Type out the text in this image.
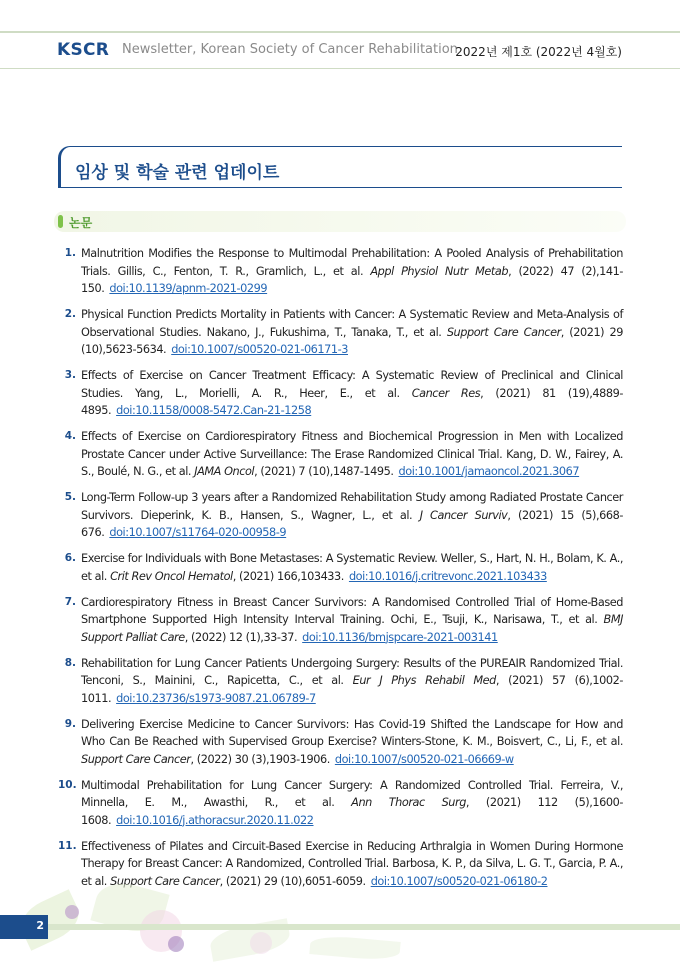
KSCR Newsletter, Korean Society of Cancer Rehabilitation
2022년 제1호 (2022년 4월호)
임상 및 학술 관련 업데이트
논문
1. Malnutrition Modifies the Response to Multimodal Prehabilitation: A Pooled Analysis of Prehabilitation Trials. Gillis, C., Fenton, T. R., Gramlich, L., et al. Appl Physiol Nutr Metab, (2022) 47 (2),141-150. doi:10.1139/apnm-2021-0299
2. Physical Function Predicts Mortality in Patients with Cancer: A Systematic Review and Meta-Analysis of Observational Studies. Nakano, J., Fukushima, T., Tanaka, T., et al. Support Care Cancer, (2021) 29 (10),5623-5634. doi:10.1007/s00520-021-06171-3
3. Effects of Exercise on Cancer Treatment Efficacy: A Systematic Review of Preclinical and Clinical Studies. Yang, L., Morielli, A. R., Heer, E., et al. Cancer Res, (2021) 81 (19),4889-4895. doi:10.1158/0008-5472.Can-21-1258
4. Effects of Exercise on Cardiorespiratory Fitness and Biochemical Progression in Men with Localized Prostate Cancer under Active Surveillance: The Erase Randomized Clinical Trial. Kang, D. W., Fairey, A. S., Boulé, N. G., et al. JAMA Oncol, (2021) 7 (10),1487-1495. doi:10.1001/jamaoncol.2021.3067
5. Long-Term Follow-up 3 years after a Randomized Rehabilitation Study among Radiated Prostate Cancer Survivors. Dieperink, K. B., Hansen, S., Wagner, L., et al. J Cancer Surviv, (2021) 15 (5),668-676. doi:10.1007/s11764-020-00958-9
6. Exercise for Individuals with Bone Metastases: A Systematic Review. Weller, S., Hart, N. H., Bolam, K. A., et al. Crit Rev Oncol Hematol, (2021) 166,103433. doi:10.1016/j.critrevonc.2021.103433
7. Cardiorespiratory Fitness in Breast Cancer Survivors: A Randomised Controlled Trial of Home-Based Smartphone Supported High Intensity Interval Training. Ochi, E., Tsuji, K., Narisawa, T., et al. BMJ Support Palliat Care, (2022) 12 (1),33-37. doi:10.1136/bmjspcare-2021-003141
8. Rehabilitation for Lung Cancer Patients Undergoing Surgery: Results of the PUREAIR Randomized Trial. Tenconi, S., Mainini, C., Rapicetta, C., et al. Eur J Phys Rehabil Med, (2021) 57 (6),1002-1011. doi:10.23736/s1973-9087.21.06789-7
9. Delivering Exercise Medicine to Cancer Survivors: Has Covid-19 Shifted the Landscape for How and Who Can Be Reached with Supervised Group Exercise? Winters-Stone, K. M., Boisvert, C., Li, F., et al. Support Care Cancer, (2022) 30 (3),1903-1906. doi:10.1007/s00520-021-06669-w
10. Multimodal Prehabilitation for Lung Cancer Surgery: A Randomized Controlled Trial. Ferreira, V., Minnella, E. M., Awasthi, R., et al. Ann Thorac Surg, (2021) 112 (5),1600-1608. doi:10.1016/j.athoracsur.2020.11.022
11. Effectiveness of Pilates and Circuit-Based Exercise in Reducing Arthralgia in Women During Hormone Therapy for Breast Cancer: A Randomized, Controlled Trial. Barbosa, K. P., da Silva, L. G. T., Garcia, P. A., et al. Support Care Cancer, (2021) 29 (10),6051-6059. doi:10.1007/s00520-021-06180-2
2
